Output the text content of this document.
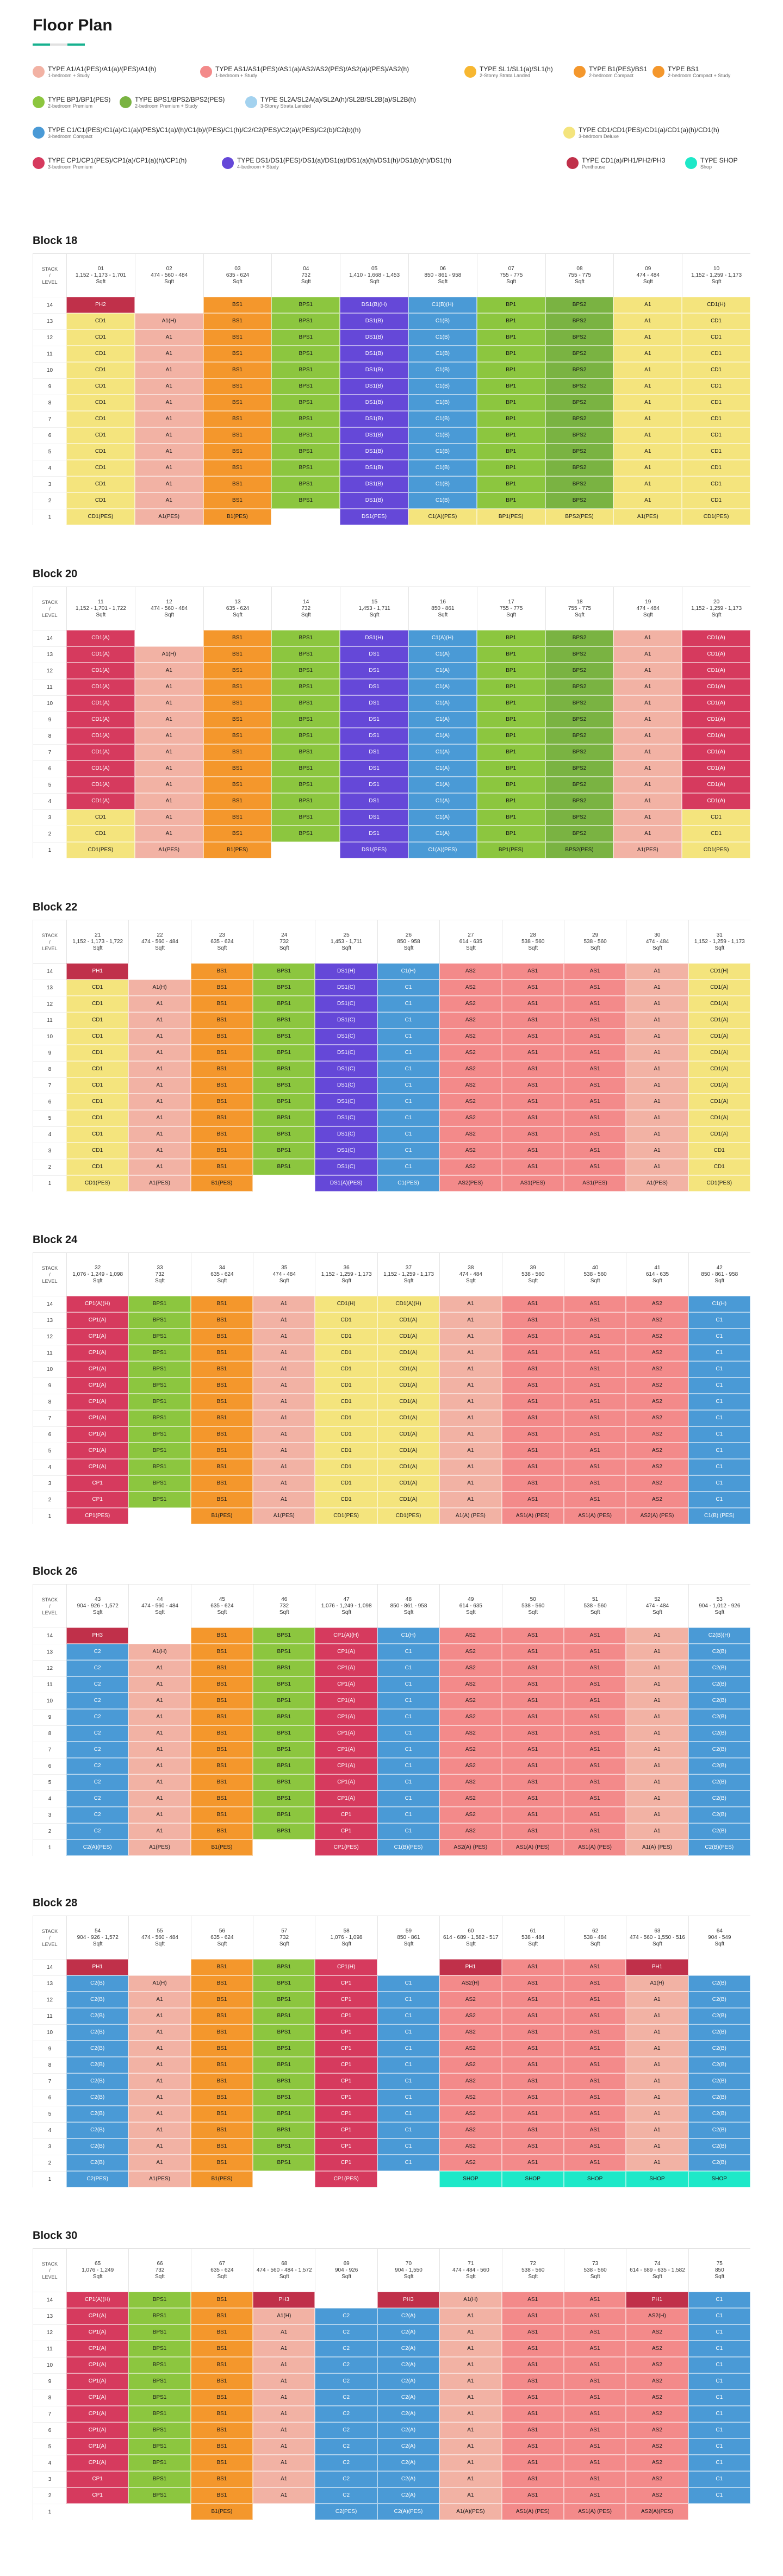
Floor Plan
TYPE A1/A1(PES)/A1(a)/(PES)/A1(h)
1-bedroom + Study
TYPE AS1/AS1(PES)/AS1(a)/AS2/AS2(PES)/AS2(a)/(PES)/AS2(h)
1-bedroom + Study
TYPE SL1/SL1(a)/SL1(h)
2-Storey Strata Landed
TYPE B1(PES)/BS1
2-bedroom Compact
TYPE BS1
2-bedroom Compact + Study
TYPE BP1/BP1(PES)
2-bedroom Premium
TYPE BPS1/BPS2/BPS2(PES)
2-bedroom Premium + Study
TYPE SL2A/SL2A(a)/SL2A(h)/SL2B/SL2B(a)/SL2B(h)
3-Storey Strata Landed
TYPE C1/C1(PES)/C1(a)/C1(a)/(PES)/C1(a)/(h)/C1(b)/(PES)/C1(h)/C2/C2(PES)/C2(a)/(PES)/C2(b)/C2(b)(h)
3-bedroom Compact
TYPE CD1/CD1(PES)/CD1(a)/CD1(a)(h)/CD1(h)
3-bedroom Deluxe
TYPE CP1/CP1(PES)/CP1(a)/CP1(a)(h)/CP1(h)
3-bedroom Premium
TYPE DS1/DS1(PES)/DS1(a)/DS1(a)/DS1(a)(h)/DS1(h)/DS1(b)(h)/DS1(h)
4-bedroom + Study
TYPE CD1(a)/PH1/PH2/PH3
Penthouse
TYPE SHOP
Shop
Block 18
STACK
/
LEVEL
14
13
12
11
10
9
8
7
6
5
4
3
2
1
01
1,152 - 1,173 - 1,701
Sqft
PH2
CD1
CD1
CD1
CD1
CD1
CD1
CD1
CD1
CD1
CD1
CD1
CD1
CD1(PES)
02
474 - 560 - 484
Sqft
A1(H)
A1
A1
A1
A1
A1
A1
A1
A1
A1
A1
A1
A1(PES)
03
635 - 624
Sqft
BS1
BS1
BS1
BS1
BS1
BS1
BS1
BS1
BS1
BS1
BS1
BS1
BS1
B1(PES)
04
732
Sqft
BPS1
BPS1
BPS1
BPS1
BPS1
BPS1
BPS1
BPS1
BPS1
BPS1
BPS1
BPS1
BPS1
05
1,410 - 1,668 - 1,453
Sqft
DS1(B)(H)
DS1(B)
DS1(B)
DS1(B)
DS1(B)
DS1(B)
DS1(B)
DS1(B)
DS1(B)
DS1(B)
DS1(B)
DS1(B)
DS1(B)
DS1(PES)
06
850 - 861 - 958
Sqft
C1(B)(H)
C1(B)
C1(B)
C1(B)
C1(B)
C1(B)
C1(B)
C1(B)
C1(B)
C1(B)
C1(B)
C1(B)
C1(B)
C1(A)(PES)
07
755 - 775
Sqft
BP1
BP1
BP1
BP1
BP1
BP1
BP1
BP1
BP1
BP1
BP1
BP1
BP1
BP1(PES)
08
755 - 775
Sqft
BPS2
BPS2
BPS2
BPS2
BPS2
BPS2
BPS2
BPS2
BPS2
BPS2
BPS2
BPS2
BPS2
BPS2(PES)
09
474 - 484
Sqft
A1
A1
A1
A1
A1
A1
A1
A1
A1
A1
A1
A1
A1
A1(PES)
10
1,152 - 1,259 - 1,173
Sqft
CD1(H)
CD1
CD1
CD1
CD1
CD1
CD1
CD1
CD1
CD1
CD1
CD1
CD1
CD1(PES)
Block 20
STACK
/
LEVEL
14
13
12
11
10
9
8
7
6
5
4
3
2
1
11
1,152 - 1,701 - 1,722
Sqft
CD1(A)
CD1(A)
CD1(A)
CD1(A)
CD1(A)
CD1(A)
CD1(A)
CD1(A)
CD1(A)
CD1(A)
CD1(A)
CD1
CD1
CD1(PES)
12
474 - 560 - 484
Sqft
A1(H)
A1
A1
A1
A1
A1
A1
A1
A1
A1
A1
A1
A1(PES)
13
635 - 624
Sqft
BS1
BS1
BS1
BS1
BS1
BS1
BS1
BS1
BS1
BS1
BS1
BS1
BS1
B1(PES)
14
732
Sqft
BPS1
BPS1
BPS1
BPS1
BPS1
BPS1
BPS1
BPS1
BPS1
BPS1
BPS1
BPS1
BPS1
15
1,453 - 1,711
Sqft
DS1(H)
DS1
DS1
DS1
DS1
DS1
DS1
DS1
DS1
DS1
DS1
DS1
DS1
DS1(PES)
16
850 - 861
Sqft
C1(A)(H)
C1(A)
C1(A)
C1(A)
C1(A)
C1(A)
C1(A)
C1(A)
C1(A)
C1(A)
C1(A)
C1(A)
C1(A)
C1(A)(PES)
17
755 - 775
Sqft
BP1
BP1
BP1
BP1
BP1
BP1
BP1
BP1
BP1
BP1
BP1
BP1
BP1
BP1(PES)
18
755 - 775
Sqft
BPS2
BPS2
BPS2
BPS2
BPS2
BPS2
BPS2
BPS2
BPS2
BPS2
BPS2
BPS2
BPS2
BPS2(PES)
19
474 - 484
Sqft
A1
A1
A1
A1
A1
A1
A1
A1
A1
A1
A1
A1
A1
A1(PES)
20
1,152 - 1,259 - 1,173
Sqft
CD1(A)
CD1(A)
CD1(A)
CD1(A)
CD1(A)
CD1(A)
CD1(A)
CD1(A)
CD1(A)
CD1(A)
CD1(A)
CD1
CD1
CD1(PES)
Block 22
STACK
/
LEVEL
14
13
12
11
10
9
8
7
6
5
4
3
2
1
21
1,152 - 1,173 - 1,722
Sqft
PH1
CD1
CD1
CD1
CD1
CD1
CD1
CD1
CD1
CD1
CD1
CD1
CD1
CD1(PES)
22
474 - 560 - 484
Sqft
A1(H)
A1
A1
A1
A1
A1
A1
A1
A1
A1
A1
A1
A1(PES)
23
635 - 624
Sqft
BS1
BS1
BS1
BS1
BS1
BS1
BS1
BS1
BS1
BS1
BS1
BS1
BS1
B1(PES)
24
732
Sqft
BPS1
BPS1
BPS1
BPS1
BPS1
BPS1
BPS1
BPS1
BPS1
BPS1
BPS1
BPS1
BPS1
25
1,453 - 1,711
Sqft
DS1(H)
DS1(C)
DS1(C)
DS1(C)
DS1(C)
DS1(C)
DS1(C)
DS1(C)
DS1(C)
DS1(C)
DS1(C)
DS1(C)
DS1(C)
DS1(A)(PES)
26
850 - 958
Sqft
C1(H)
C1
C1
C1
C1
C1
C1
C1
C1
C1
C1
C1
C1
C1(PES)
27
614 - 635
Sqft
AS2
AS2
AS2
AS2
AS2
AS2
AS2
AS2
AS2
AS2
AS2
AS2
AS2
AS2(PES)
28
538 - 560
Sqft
AS1
AS1
AS1
AS1
AS1
AS1
AS1
AS1
AS1
AS1
AS1
AS1
AS1
AS1(PES)
29
538 - 560
Sqft
AS1
AS1
AS1
AS1
AS1
AS1
AS1
AS1
AS1
AS1
AS1
AS1
AS1
AS1(PES)
30
474 - 484
Sqft
A1
A1
A1
A1
A1
A1
A1
A1
A1
A1
A1
A1
A1
A1(PES)
31
1,152 - 1,259 - 1,173
Sqft
CD1(H)
CD1(A)
CD1(A)
CD1(A)
CD1(A)
CD1(A)
CD1(A)
CD1(A)
CD1(A)
CD1(A)
CD1(A)
CD1
CD1
CD1(PES)
Block 24
STACK
/
LEVEL
14
13
12
11
10
9
8
7
6
5
4
3
2
1
32
1,076 - 1,249 - 1,098
Sqft
CP1(A)(H)
CP1(A)
CP1(A)
CP1(A)
CP1(A)
CP1(A)
CP1(A)
CP1(A)
CP1(A)
CP1(A)
CP1(A)
CP1
CP1
CP1(PES)
33
732
Sqft
BPS1
BPS1
BPS1
BPS1
BPS1
BPS1
BPS1
BPS1
BPS1
BPS1
BPS1
BPS1
BPS1
34
635 - 624
Sqft
BS1
BS1
BS1
BS1
BS1
BS1
BS1
BS1
BS1
BS1
BS1
BS1
BS1
B1(PES)
35
474 - 484
Sqft
A1
A1
A1
A1
A1
A1
A1
A1
A1
A1
A1
A1
A1
A1(PES)
36
1,152 - 1,259 - 1,173
Sqft
CD1(H)
CD1
CD1
CD1
CD1
CD1
CD1
CD1
CD1
CD1
CD1
CD1
CD1
CD1(PES)
37
1,152 - 1,259 - 1,173
Sqft
CD1(A)(H)
CD1(A)
CD1(A)
CD1(A)
CD1(A)
CD1(A)
CD1(A)
CD1(A)
CD1(A)
CD1(A)
CD1(A)
CD1(A)
CD1(A)
CD1(PES)
38
474 - 484
Sqft
A1
A1
A1
A1
A1
A1
A1
A1
A1
A1
A1
A1
A1
A1(A) (PES)
39
538 - 560
Sqft
AS1
AS1
AS1
AS1
AS1
AS1
AS1
AS1
AS1
AS1
AS1
AS1
AS1
AS1(A) (PES)
40
538 - 560
Sqft
AS1
AS1
AS1
AS1
AS1
AS1
AS1
AS1
AS1
AS1
AS1
AS1
AS1
AS1(A) (PES)
41
614 - 635
Sqft
AS2
AS2
AS2
AS2
AS2
AS2
AS2
AS2
AS2
AS2
AS2
AS2
AS2
AS2(A) (PES)
42
850 - 861 - 958
Sqft
C1(H)
C1
C1
C1
C1
C1
C1
C1
C1
C1
C1
C1
C1
C1(B) (PES)
Block 26
STACK
/
LEVEL
14
13
12
11
10
9
8
7
6
5
4
3
2
1
43
904 - 926 - 1,572
Sqft
PH3
C2
C2
C2
C2
C2
C2
C2
C2
C2
C2
C2
C2
C2(A)(PES)
44
474 - 560 - 484
Sqft
A1(H)
A1
A1
A1
A1
A1
A1
A1
A1
A1
A1
A1
A1(PES)
45
635 - 624
Sqft
BS1
BS1
BS1
BS1
BS1
BS1
BS1
BS1
BS1
BS1
BS1
BS1
BS1
B1(PES)
46
732
Sqft
BPS1
BPS1
BPS1
BPS1
BPS1
BPS1
BPS1
BPS1
BPS1
BPS1
BPS1
BPS1
BPS1
47
1,076 - 1,249 - 1,098
Sqft
CP1(A)(H)
CP1(A)
CP1(A)
CP1(A)
CP1(A)
CP1(A)
CP1(A)
CP1(A)
CP1(A)
CP1(A)
CP1(A)
CP1
CP1
CP1(PES)
48
850 - 861 - 958
Sqft
C1(H)
C1
C1
C1
C1
C1
C1
C1
C1
C1
C1
C1
C1
C1(B)(PES)
49
614 - 635
Sqft
AS2
AS2
AS2
AS2
AS2
AS2
AS2
AS2
AS2
AS2
AS2
AS2
AS2
AS2(A) (PES)
50
538 - 560
Sqft
AS1
AS1
AS1
AS1
AS1
AS1
AS1
AS1
AS1
AS1
AS1
AS1
AS1
AS1(A) (PES)
51
538 - 560
Sqft
AS1
AS1
AS1
AS1
AS1
AS1
AS1
AS1
AS1
AS1
AS1
AS1
AS1
AS1(A) (PES)
52
474 - 484
Sqft
A1
A1
A1
A1
A1
A1
A1
A1
A1
A1
A1
A1
A1
A1(A) (PES)
53
904 - 1,012 - 926
Sqft
C2(B)(H)
C2(B)
C2(B)
C2(B)
C2(B)
C2(B)
C2(B)
C2(B)
C2(B)
C2(B)
C2(B)
C2(B)
C2(B)
C2(B)(PES)
Block 28
STACK
/
LEVEL
14
13
12
11
10
9
8
7
6
5
4
3
2
1
54
904 - 926 - 1,572
Sqft
PH1
C2(B)
C2(B)
C2(B)
C2(B)
C2(B)
C2(B)
C2(B)
C2(B)
C2(B)
C2(B)
C2(B)
C2(B)
C2(PES)
55
474 - 560 - 484
Sqft
A1(H)
A1
A1
A1
A1
A1
A1
A1
A1
A1
A1
A1
A1(PES)
56
635 - 624
Sqft
BS1
BS1
BS1
BS1
BS1
BS1
BS1
BS1
BS1
BS1
BS1
BS1
BS1
B1(PES)
57
732
Sqft
BPS1
BPS1
BPS1
BPS1
BPS1
BPS1
BPS1
BPS1
BPS1
BPS1
BPS1
BPS1
BPS1
58
1,076 - 1,098
Sqft
CP1(H)
CP1
CP1
CP1
CP1
CP1
CP1
CP1
CP1
CP1
CP1
CP1
CP1
CP1(PES)
59
850 - 861
Sqft
C1
C1
C1
C1
C1
C1
C1
C1
C1
C1
C1
C1
60
614 - 689 - 1,582 - 517
Sqft
PH1
AS2(H)
AS2
AS2
AS2
AS2
AS2
AS2
AS2
AS2
AS2
AS2
AS2
SHOP
61
538 - 484
Sqft
AS1
AS1
AS1
AS1
AS1
AS1
AS1
AS1
AS1
AS1
AS1
AS1
AS1
SHOP
62
538 - 484
Sqft
AS1
AS1
AS1
AS1
AS1
AS1
AS1
AS1
AS1
AS1
AS1
AS1
AS1
SHOP
63
474 - 560 - 1,550 - 516
Sqft
PH1
A1(H)
A1
A1
A1
A1
A1
A1
A1
A1
A1
A1
A1
SHOP
64
904 - 549
Sqft
C2(B)
C2(B)
C2(B)
C2(B)
C2(B)
C2(B)
C2(B)
C2(B)
C2(B)
C2(B)
C2(B)
C2(B)
SHOP
Block 30
STACK
/
LEVEL
14
13
12
11
10
9
8
7
6
5
4
3
2
1
65
1,076 - 1,249
Sqft
CP1(A)(H)
CP1(A)
CP1(A)
CP1(A)
CP1(A)
CP1(A)
CP1(A)
CP1(A)
CP1(A)
CP1(A)
CP1(A)
CP1
CP1
66
732
Sqft
BPS1
BPS1
BPS1
BPS1
BPS1
BPS1
BPS1
BPS1
BPS1
BPS1
BPS1
BPS1
BPS1
67
635 - 624
Sqft
BS1
BS1
BS1
BS1
BS1
BS1
BS1
BS1
BS1
BS1
BS1
BS1
BS1
B1(PES)
68
474 - 560 - 484 - 1,572
Sqft
PH3
A1(H)
A1
A1
A1
A1
A1
A1
A1
A1
A1
A1
A1
69
904 - 926
Sqft
C2
C2
C2
C2
C2
C2
C2
C2
C2
C2
C2
C2
C2(PES)
70
904 - 1,550
Sqft
PH3
C2(A)
C2(A)
C2(A)
C2(A)
C2(A)
C2(A)
C2(A)
C2(A)
C2(A)
C2(A)
C2(A)
C2(A)
C2(A)(PES)
71
474 - 484 - 560
Sqft
A1(H)
A1
A1
A1
A1
A1
A1
A1
A1
A1
A1
A1
A1
A1(A)(PES)
72
538 - 560
Sqft
AS1
AS1
AS1
AS1
AS1
AS1
AS1
AS1
AS1
AS1
AS1
AS1
AS1
AS1(A) (PES)
73
538 - 560
Sqft
AS1
AS1
AS1
AS1
AS1
AS1
AS1
AS1
AS1
AS1
AS1
AS1
AS1
AS1(A) (PES)
74
614 - 689 - 635 - 1,582
Sqft
PH1
AS2(H)
AS2
AS2
AS2
AS2
AS2
AS2
AS2
AS2
AS2
AS2
AS2
AS2(A)(PES)
75
850
Sqft
C1
C1
C1
C1
C1
C1
C1
C1
C1
C1
C1
C1
C1
